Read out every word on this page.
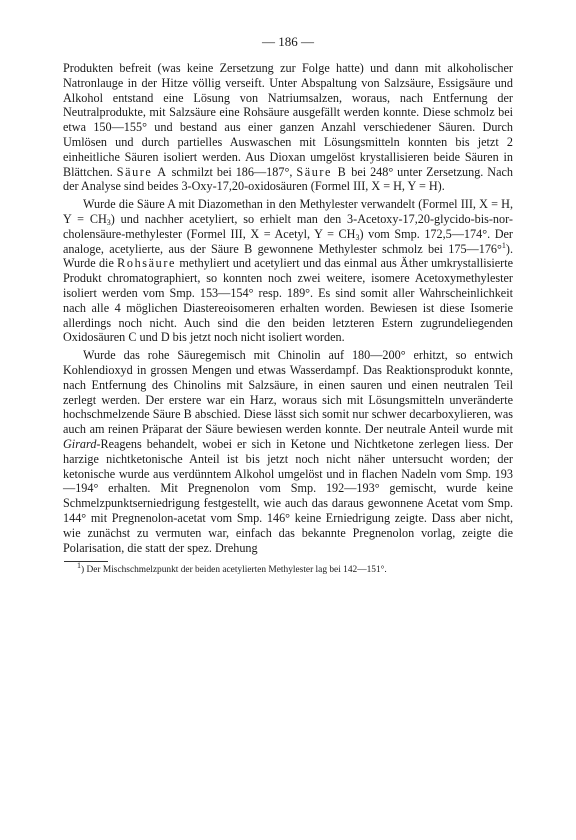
— 186 —

Produkten befreit (was keine Zersetzung zur Folge hatte) und dann mit alkoholischer Natronlauge in der Hitze völlig verseift. Unter Abspaltung von Salzsäure, Essigsäure und Alkohol entstand eine Lösung von Natriumsalzen, woraus, nach Entfernung der Neutralprodukte, mit Salzsäure eine Rohsäure ausgefällt werden konnte. Diese schmolz bei etwa 150—155° und bestand aus einer ganzen Anzahl verschiedener Säuren. Durch Umlösen und durch partielles Auswaschen mit Lösungsmitteln konnten bis jetzt 2 einheitliche Säuren isoliert werden. Aus Dioxan umgelöst krystallisieren beide Säuren in Blättchen. Säure A schmilzt bei 186—187°, Säure B bei 248° unter Zersetzung. Nach der Analyse sind beides 3-Oxy-17,20-oxidosäuren (Formel III, X = H, Y = H).

Wurde die Säure A mit Diazomethan in den Methylester verwandelt (Formel III, X = H, $Y = CH_3$) und nachher acetyliert, so erhielt man den 3-Acetoxy-17,20-glycido-bis-nor-cholensäure-methylester (Formel III, X = Acetyl, $Y = CH_3$) vom Smp. 172,5—174°. Der analoge, acetylierte, aus der Säure B gewonnene Methylester schmolz bei 175—176°$^1$). Wurde die Rohsäure methyliert und acetyliert und das einmal aus Äther umkrystallisierte Produkt chromatographiert, so konnten noch zwei weitere, isomere Acetoxymethylester isoliert werden vom Smp. 153—154° resp. 189°. Es sind somit aller Wahrscheinlichkeit nach alle 4 möglichen Diastereoisomeren erhalten worden. Bewiesen ist diese Isomerie allerdings noch nicht. Auch sind die den beiden letzteren Estern zugrundeliegenden Oxidosäuren C und D bis jetzt noch nicht isoliert worden.

Wurde das rohe Säuregemisch mit Chinolin auf 180—200° erhitzt, so entwich Kohlendioxyd in grossen Mengen und etwas Wasserdampf. Das Reaktionsprodukt konnte, nach Entfernung des Chinolins mit Salzsäure, in einen sauren und einen neutralen Teil zerlegt werden. Der erstere war ein Harz, woraus sich mit Lösungsmitteln unveränderte hochschmelzende Säure B abschied. Diese lässt sich somit nur schwer decarboxylieren, was auch am reinen Präparat der Säure bewiesen werden konnte. Der neutrale Anteil wurde mit Girard-Reagens behandelt, wobei er sich in Ketone und Nichtketone zerlegen liess. Der harzige nichtketonische Anteil ist bis jetzt noch nicht näher untersucht worden; der ketonische wurde aus verdünntem Alkohol umgelöst und in flachen Nadeln vom Smp. 193—194° erhalten. Mit Pregnenolon vom Smp. 192—193° gemischt, wurde keine Schmelzpunktserniedrigung festgestellt, wie auch das daraus gewonnene Acetat vom Smp. 144° mit Pregnenolon-acetat vom Smp. 146° keine Erniedrigung zeigte. Dass aber nicht, wie zunächst zu vermuten war, einfach das bekannte Pregnenolon vorlag, zeigte die Polarisation, die statt der spez. Drehung

$^1$) Der Mischschmelzpunkt der beiden acetylierten Methylester lag bei 142—151°.
